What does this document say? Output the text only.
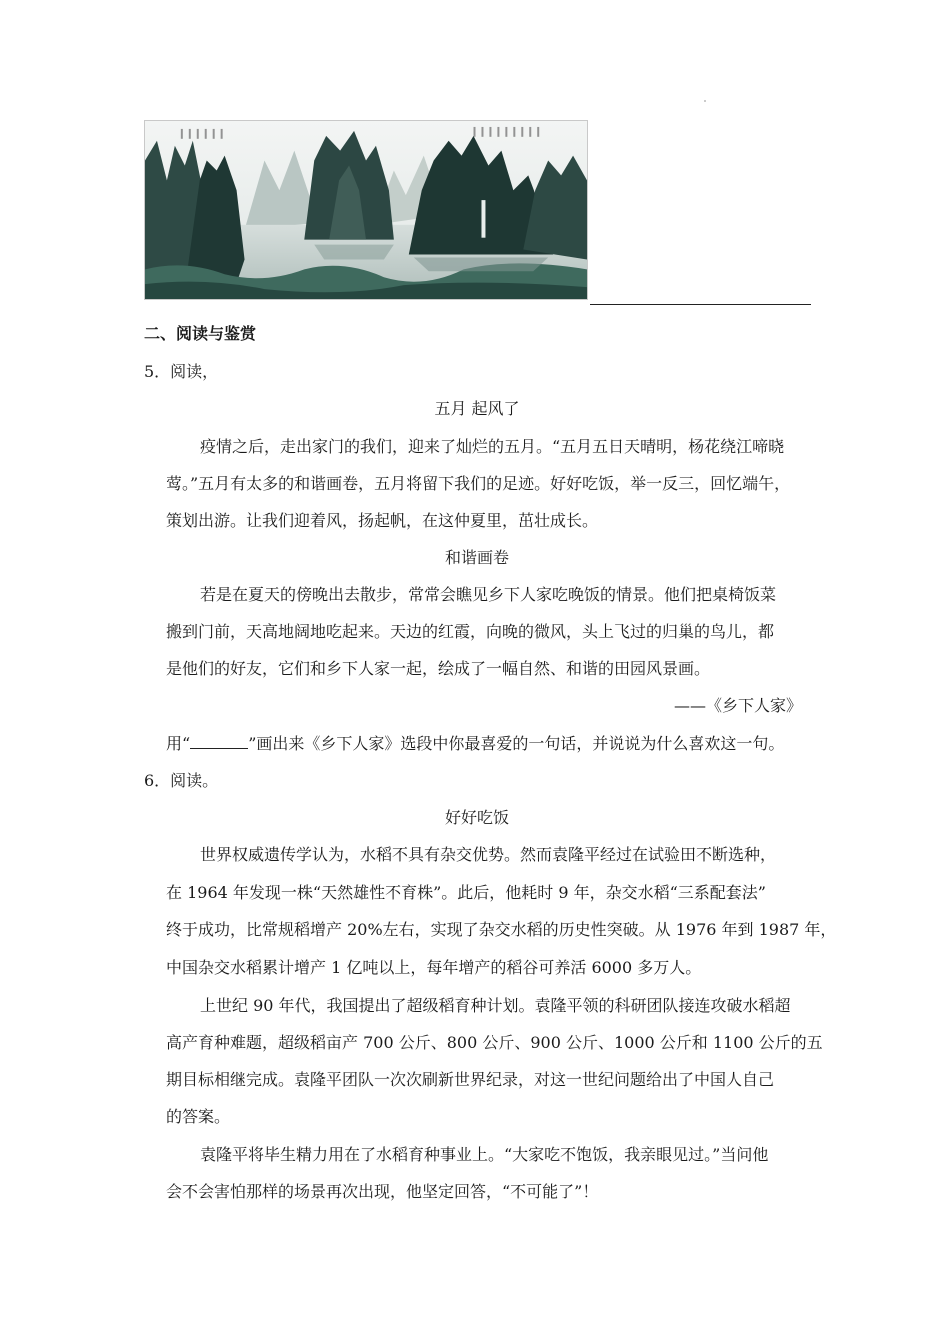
二、阅读与鉴赏
5．阅读，
五月 起风了
疫情之后，走出家门的我们，迎来了灿烂的五月。“五月五日天晴明，杨花绕江啼晓
莺。”五月有太多的和谐画卷，五月将留下我们的足迹。好好吃饭，举一反三，回忆端午，
策划出游。让我们迎着风，扬起帆，在这仲夏里，茁壮成长。
和谐画卷
若是在夏天的傍晚出去散步，常常会瞧见乡下人家吃晚饭的情景。他们把桌椅饭菜
搬到门前，天高地阔地吃起来。天边的红霞，向晚的微风，头上飞过的归巢的鸟儿，都
是他们的好友，它们和乡下人家一起，绘成了一幅自然、和谐的田园风景画。
——《乡下人家》
用“	”画出来《乡下人家》选段中你最喜爱的一句话，并说说为什么喜欢这一句。
6．阅读。
好好吃饭
世界权威遗传学认为，水稻不具有杂交优势。然而袁隆平经过在试验田不断选种，
在 1964 年发现一株“天然雄性不育株”。此后，他耗时 9 年，杂交水稻“三系配套法”
终于成功，比常规稻增产 20%左右，实现了杂交水稻的历史性突破。从 1976 年到 1987 年，
中国杂交水稻累计增产 1 亿吨以上，每年增产的稻谷可养活 6000 多万人。
上世纪 90 年代，我国提出了超级稻育种计划。袁隆平领的科研团队接连攻破水稻超
高产育种难题，超级稻亩产 700 公斤、800 公斤、900 公斤、1000 公斤和 1100 公斤的五
期目标相继完成。袁隆平团队一次次刷新世界纪录，对这一世纪问题给出了中国人自己
的答案。
袁隆平将毕生精力用在了水稻育种事业上。“大家吃不饱饭，我亲眼见过。”当问他
会不会害怕那样的场景再次出现，他坚定回答，“不可能了”！
